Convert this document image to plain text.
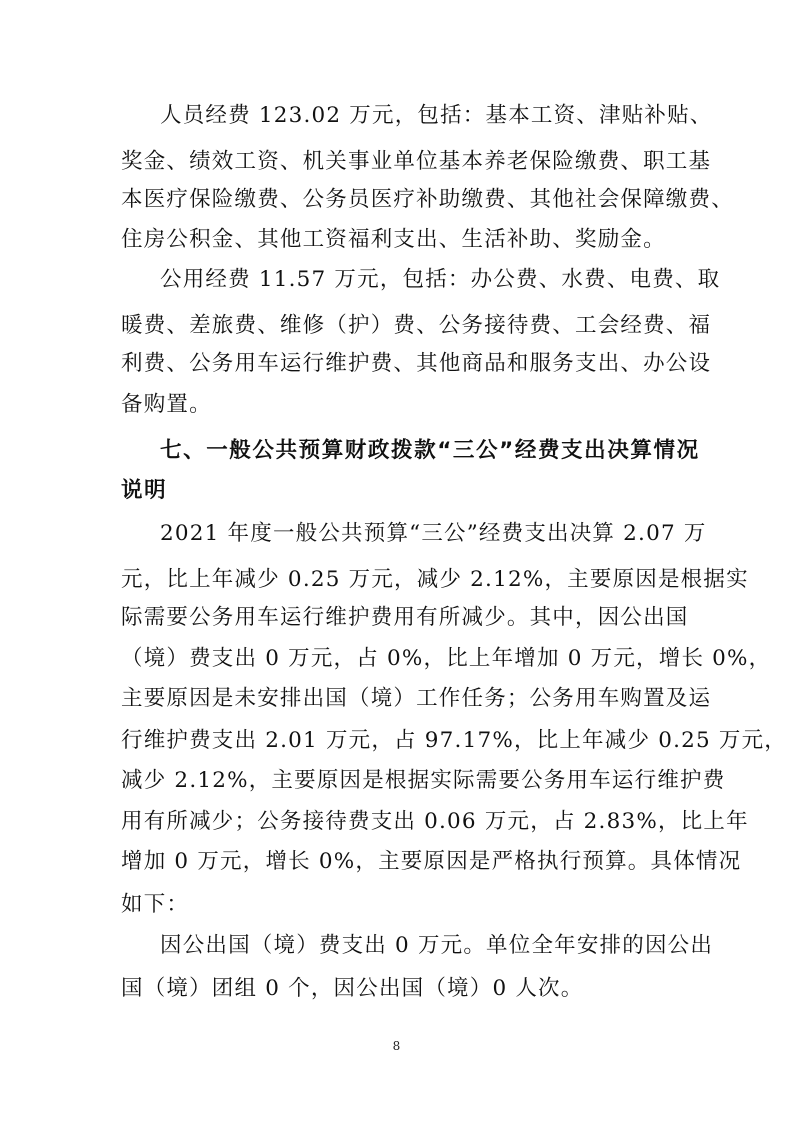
人员经费 123.02 万元，包括：基本工资、津贴补贴、
奖金、绩效工资、机关事业单位基本养老保险缴费、职工基
本医疗保险缴费、公务员医疗补助缴费、其他社会保障缴费、
住房公积金、其他工资福利支出、生活补助、奖励金。
公用经费 11.57 万元，包括：办公费、水费、电费、取
暖费、差旅费、维修（护）费、公务接待费、工会经费、福
利费、公务用车运行维护费、其他商品和服务支出、办公设
备购置。
七、一般公共预算财政拨款“三公”经费支出决算情况
说明
2021 年度一般公共预算“三公”经费支出决算 2.07 万
元，比上年减少 0.25 万元，减少 2.12%，主要原因是根据实
际需要公务用车运行维护费用有所减少。其中，因公出国
（境）费支出 0 万元，占 0%，比上年增加 0 万元，增长 0%，
主要原因是未安排出国（境）工作任务；公务用车购置及运
行维护费支出 2.01 万元，占 97.17%，比上年减少 0.25 万元，
减少 2.12%，主要原因是根据实际需要公务用车运行维护费
用有所减少；公务接待费支出 0.06 万元，占 2.83%，比上年
增加 0 万元，增长 0%，主要原因是严格执行预算。具体情况
如下：
因公出国（境）费支出 0 万元。单位全年安排的因公出
国（境）团组 0 个，因公出国（境）0 人次。
8
